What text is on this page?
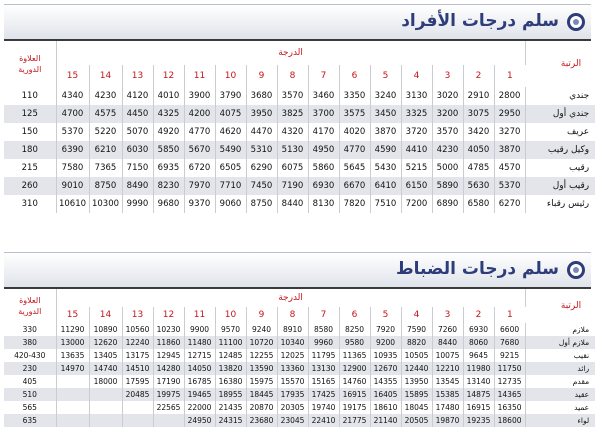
سلم درجات الأفراد
العلاوة
الدورية	الدرجة															الرتبة
	15	14	13	12	11	10	9	8	7	6	5	4	3	2	1	
110	4340	4230	4120	4010	3900	3790	3680	3570	3460	3350	3240	3130	3020	2910	2800	جندي
125	4700	4575	4450	4325	4200	4075	3950	3825	3700	3575	3450	3325	3200	3075	2950	جندي أول
150	5370	5220	5070	4920	4770	4620	4470	4320	4170	4020	3870	3720	3570	3420	3270	عريف
180	6390	6210	6030	5850	5670	5490	5310	5130	4950	4770	4590	4410	4230	4050	3870	وكيل رقيب
215	7580	7365	7150	6935	6720	6505	6290	6075	5860	5645	5430	5215	5000	4785	4570	رقيب
260	9010	8750	8490	8230	7970	7710	7450	7190	6930	6670	6410	6150	5890	5630	5370	رقيب أول
310	10610	10300	9990	9680	9370	9060	8750	8440	8130	7820	7510	7200	6890	6580	6270	رئيس رقباء
سلم درجات الضباط
العلاوة
الدورية	الدرجة															الرتبة
	15	14	13	12	11	10	9	8	7	6	5	4	3	2	1	
330	11290	10890	10560	10230	9900	9570	9240	8910	8580	8250	7920	7590	7260	6930	6600	ملازم
380	13000	12620	12240	11860	11480	11100	10720	10340	9960	9580	9200	8820	8440	8060	7680	ملازم أول
420-430	13635	13405	13175	12945	12715	12485	12255	12025	11795	11365	10935	10505	10075	9645	9215	نقيب
230	14970	14740	14510	14280	14050	13820	13590	13360	13130	12900	12670	12440	12210	11980	11750	رائد
405		18000	17595	17190	16785	16380	15975	15570	15165	14760	14355	13950	13545	13140	12735	مقدم
510			20485	19975	19465	18955	18445	17935	17425	16915	16405	15895	15385	14875	14365	عقيد
565				22565	22000	21435	20870	20305	19740	19175	18610	18045	17480	16915	16350	عميد
635					24950	24315	23680	23045	22410	21775	21140	20505	19870	19235	18600	لواء
